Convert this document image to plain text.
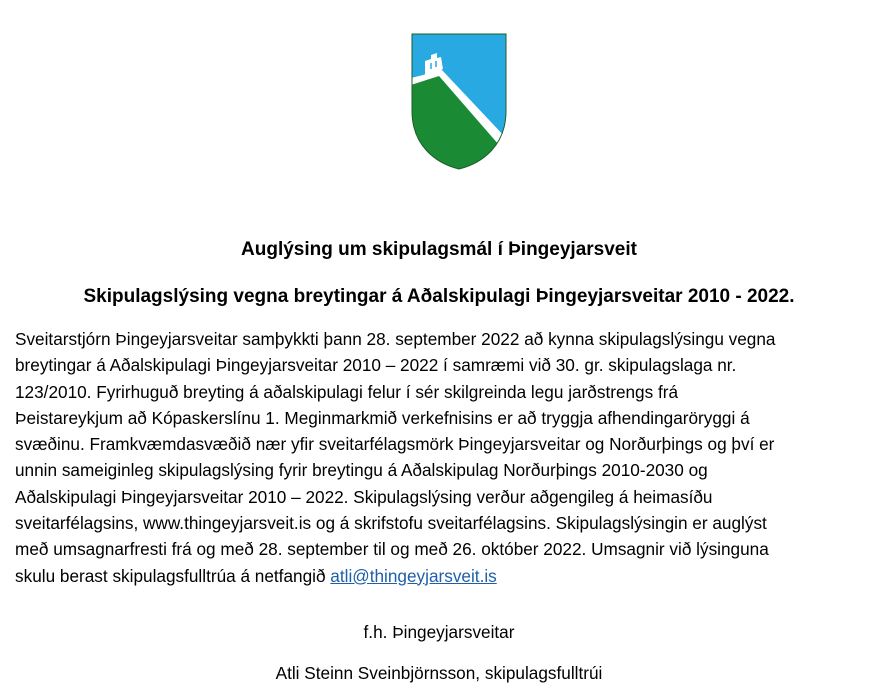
Auglýsing um skipulagsmál í Þingeyjarsveit

Skipulagslýsing vegna breytingar á Aðalskipulagi Þingeyjarsveitar 2010 - 2022.

Sveitarstjórn Þingeyjarsveitar samþykkti þann 28. september 2022 að kynna skipulagslýsingu vegna
breytingar á Aðalskipulagi Þingeyjarsveitar 2010 – 2022 í samræmi við 30. gr. skipulagslaga nr.
123/2010. Fyrirhuguð breyting á aðalskipulagi felur í sér skilgreinda legu jarðstrengs frá
Þeistareykjum að Kópaskerslínu 1. Meginmarkmið verkefnisins er að tryggja afhendingaröryggi á
svæðinu. Framkvæmdasvæðið nær yfir sveitarfélagsmörk Þingeyjarsveitar og Norðurþings og því er
unnin sameiginleg skipulagslýsing fyrir breytingu á Aðalskipulag Norðurþings 2010-2030 og
Aðalskipulagi Þingeyjarsveitar 2010 – 2022. Skipulagslýsing verður aðgengileg á heimasíðu
sveitarfélagsins, www.thingeyjarsveit.is og á skrifstofu sveitarfélagsins. Skipulagslýsingin er auglýst
með umsagnarfresti frá og með 28. september til og með 26. október 2022. Umsagnir við lýsinguna
skulu berast skipulagsfulltrúa á netfangið atli@thingeyjarsveit.is

f.h. Þingeyjarsveitar

Atli Steinn Sveinbjörnsson, skipulagsfulltrúi
